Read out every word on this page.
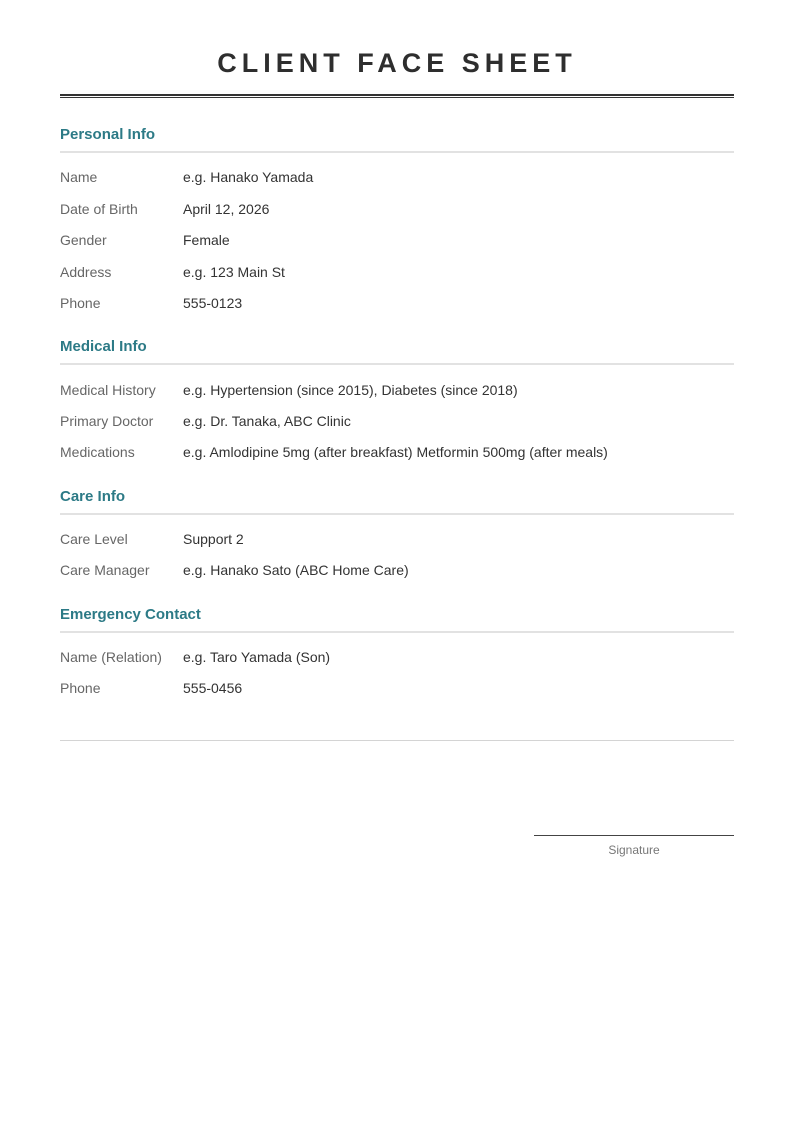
CLIENT FACE SHEET
Personal Info
Name	e.g. Hanako Yamada
Date of Birth	April 12, 2026
Gender	Female
Address	e.g. 123 Main St
Phone	555-0123
Medical Info
Medical History	e.g. Hypertension (since 2015), Diabetes (since 2018)
Primary Doctor	e.g. Dr. Tanaka, ABC Clinic
Medications	e.g. Amlodipine 5mg (after breakfast) Metformin 500mg (after meals)
Care Info
Care Level	Support 2
Care Manager	e.g. Hanako Sato (ABC Home Care)
Emergency Contact
Name (Relation)	e.g. Taro Yamada (Son)
Phone	555-0456
Signature
